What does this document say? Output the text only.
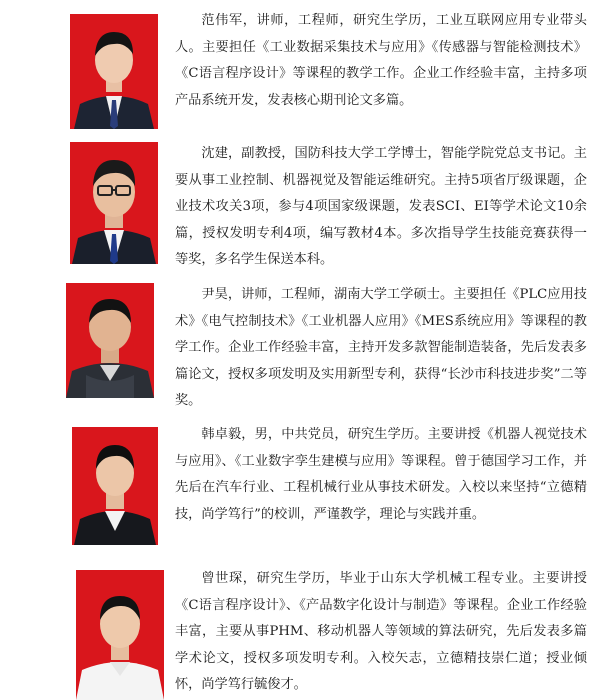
范伟军，讲师，工程师，研究生学历，工业互联网应用专业带头人。主要担任《工业数据采集技术与应用》《传感器与智能检测技术》《C语言程序设计》等课程的教学工作。企业工作经验丰富，主持多项产品系统开发，发表核心期刊论文多篇。

沈建，副教授，国防科技大学工学博士，智能学院党总支书记。主要从事工业控制、机器视觉及智能运维研究。主持5项省厅级课题，企业技术攻关3项，参与4项国家级课题，发表SCI、EI等学术论文10余篇，授权发明专利4项，编写教材4本。多次指导学生技能竞赛获得一等奖，多名学生保送本科。

尹昊，讲师，工程师，湖南大学工学硕士。主要担任《PLC应用技术》《电气控制技术》《工业机器人应用》《MES系统应用》等课程的教学工作。企业工作经验丰富，主持开发多款智能制造装备，先后发表多篇论文，授权多项发明及实用新型专利，获得“长沙市科技进步奖”二等奖。

韩卓毅，男，中共党员，研究生学历。主要讲授《机器人视觉技术与应用》、《工业数字孪生建模与应用》等课程。曾于德国学习工作，并先后在汽车行业、工程机械行业从事技术研发。入校以来坚持“立德精技，尚学笃行”的校训，严谨教学，理论与实践并重。

曾世琛，研究生学历，毕业于山东大学机械工程专业。主要讲授《C语言程序设计》、《产品数字化设计与制造》等课程。企业工作经验丰富，主要从事PHM、移动机器人等领域的算法研究，先后发表多篇学术论文，授权多项发明专利。入校矢志，立德精技崇仁道；授业倾怀，尚学笃行毓俊才。
